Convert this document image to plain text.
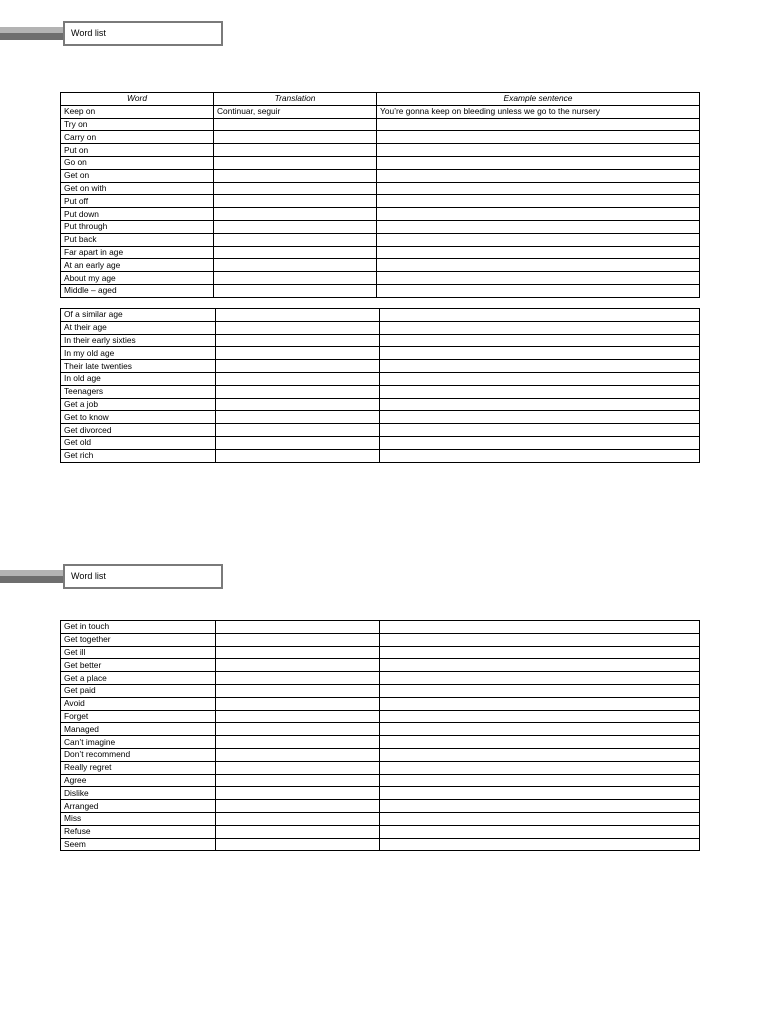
Word list
Word	Translation	Example sentence
Keep on	Continuar, seguir	You’re gonna keep on bleeding unless we go to the nursery
Try on		
Carry on		
Put on		
Go on		
Get on		
Get on with		
Put off		
Put down		
Put through		
Put back		
Far apart in age		
At an early age		
About my age		
Middle – aged		
Of a similar age		
At their age		
In their early sixties		
In my old age		
Their late twenties		
In old age		
Teenagers		
Get a job		
Get to know		
Get divorced		
Get old		
Get rich		
Word list
Get in touch		
Get together		
Get ill		
Get better		
Get a place		
Get paid		
Avoid		
Forget		
Managed		
Can’t imagine		
Don’t recommend		
Really regret		
Agree		
Dislike		
Arranged		
Miss		
Refuse		
Seem		
